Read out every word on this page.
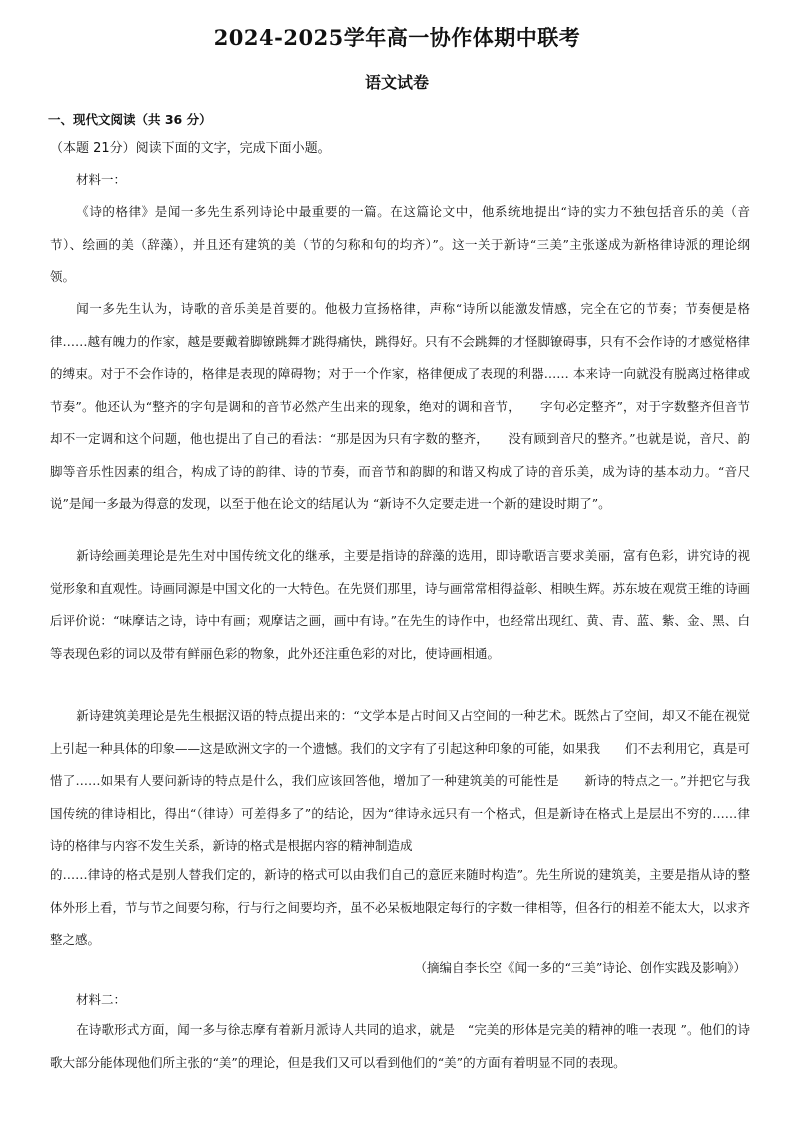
2024-2025学年高一协作体期中联考
语文试卷
一、现代文阅读（共 36 分）
（本题 21分）阅读下面的文字，完成下面小题。
材料一：

《诗的格律》是闻一多先生系列诗论中最重要的一篇。在这篇论文中，他系统地提出“诗的实力不独包括音乐的美（音节）、绘画的美（辞藻），并且还有建筑的美（节的匀称和句的均齐）”。这一关于新诗“三美”主张遂成为新格律诗派的理论纲领。

闻一多先生认为，诗歌的音乐美是首要的。他极力宣扬格律，声称“诗所以能激发情感，完全在它的节奏；节奏便是格律……越有魄力的作家，越是要戴着脚镣跳舞才跳得痛快，跳得好。只有不会跳舞的才怪脚镣碍事，只有不会作诗的才感觉格律的缚束。对于不会作诗的，格律是表现的障碍物；对于一个作家，格律便成了表现的利器…… 本来诗一向就没有脱离过格律或节奏”。他还认为“整齐的字句是调和的音节必然产生出来的现象，绝对的调和音节，　　字句必定整齐”，对于字数整齐但音节却不一定调和这个问题，他也提出了自己的看法：“那是因为只有字数的整齐，　　没有顾到音尺的整齐。”也就是说，音尺、韵脚等音乐性因素的组合，构成了诗的韵律、诗的节奏，而音节和韵脚的和谐又构成了诗的音乐美，成为诗的基本动力。“音尺说”是闻一多最为得意的发现，以至于他在论文的结尾认为 “新诗不久定要走进一个新的建设时期了”。

新诗绘画美理论是先生对中国传统文化的继承，主要是指诗的辞藻的选用，即诗歌语言要求美丽，富有色彩，讲究诗的视觉形象和直观性。诗画同源是中国文化的一大特色。在先贤们那里，诗与画常常相得益彰、相映生辉。苏东坡在观赏王维的诗画后评价说：“味摩诘之诗，诗中有画；观摩诘之画，画中有诗。”在先生的诗作中，也经常出现红、黄、青、蓝、紫、金、黑、白等表现色彩的词以及带有鲜丽色彩的物象，此外还注重色彩的对比，使诗画相通。

新诗建筑美理论是先生根据汉语的特点提出来的：“文学本是占时间又占空间的一种艺术。既然占了空间，却又不能在视觉上引起一种具体的印象——这是欧洲文字的一个遗憾。我们的文字有了引起这种印象的可能，如果我　　们不去利用它，真是可惜了……如果有人要问新诗的特点是什么，我们应该回答他，增加了一种建筑美的可能性是　　新诗的特点之一。”并把它与我国传统的律诗相比，得出“（律诗）可差得多了”的结论，因为“律诗永远只有一个格式，但是新诗在格式上是层出不穷的……律诗的格律与内容不发生关系，新诗的格式是根据内容的精神制造成

的……律诗的格式是别人替我们定的，新诗的格式可以由我们自己的意匠来随时构造”。先生所说的建筑美，主要是指从诗的整体外形上看，节与节之间要匀称，行与行之间要均齐，虽不必呆板地限定每行的字数一律相等，但各行的相差不能太大，以求齐整之感。

（摘编自李长空《闻一多的“三美”诗论、创作实践及影响》）
材料二：

在诗歌形式方面，闻一多与徐志摩有着新月派诗人共同的追求，就是　“完美的形体是完美的精神的唯一表现 ”。他们的诗歌大部分能体现他们所主张的“美”的理论，但是我们又可以看到他们的“美”的方面有着明显不同的表现。
